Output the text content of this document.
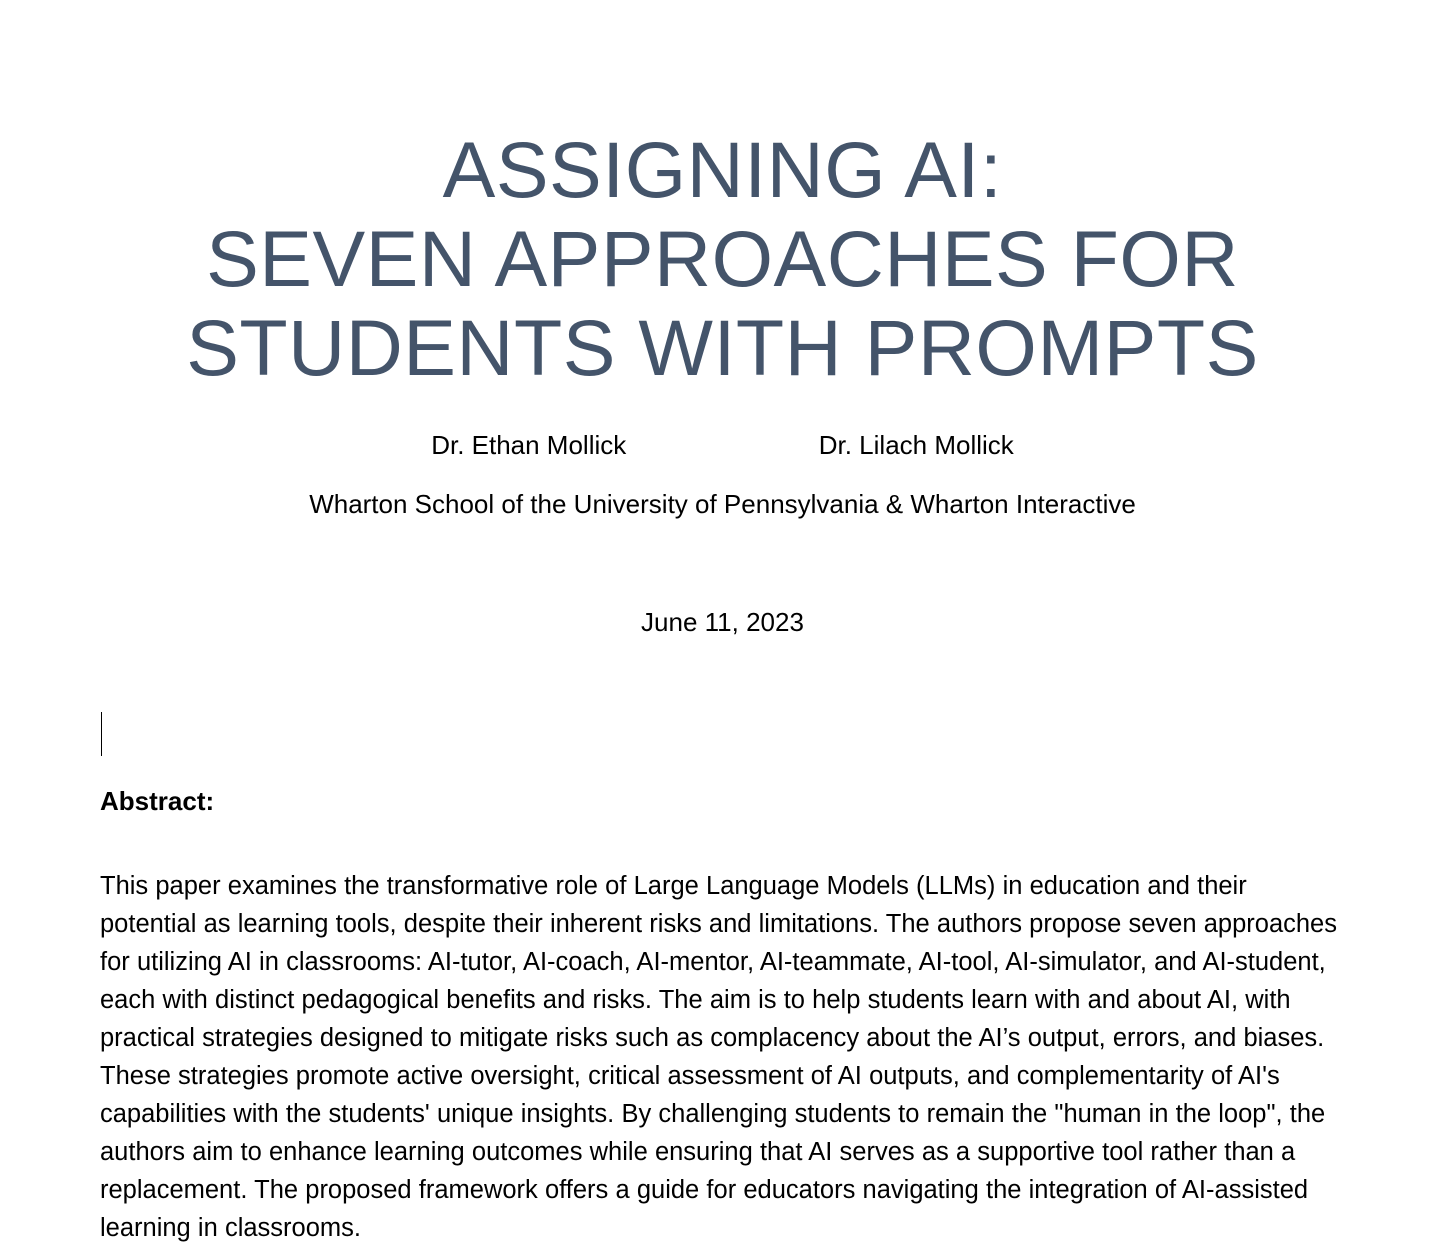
ASSIGNING AI:
SEVEN APPROACHES FOR
STUDENTS WITH PROMPTS
Dr. Ethan Mollick	Dr. Lilach Mollick
Wharton School of the University of Pennsylvania & Wharton Interactive
June 11, 2023
Abstract:

This paper examines the transformative role of Large Language Models (LLMs) in education and their potential as learning tools, despite their inherent risks and limitations. The authors propose seven approaches for utilizing AI in classrooms: AI-tutor, AI-coach, AI-mentor, AI-teammate, AI-tool, AI-simulator, and AI-student, each with distinct pedagogical benefits and risks. The aim is to help students learn with and about AI, with practical strategies designed to mitigate risks such as complacency about the AI’s output, errors, and biases. These strategies promote active oversight, critical assessment of AI outputs, and complementarity of AI's capabilities with the students' unique insights. By challenging students to remain the "human in the loop", the authors aim to enhance learning outcomes while ensuring that AI serves as a supportive tool rather than a replacement. The proposed framework offers a guide for educators navigating the integration of AI-assisted learning in classrooms.
